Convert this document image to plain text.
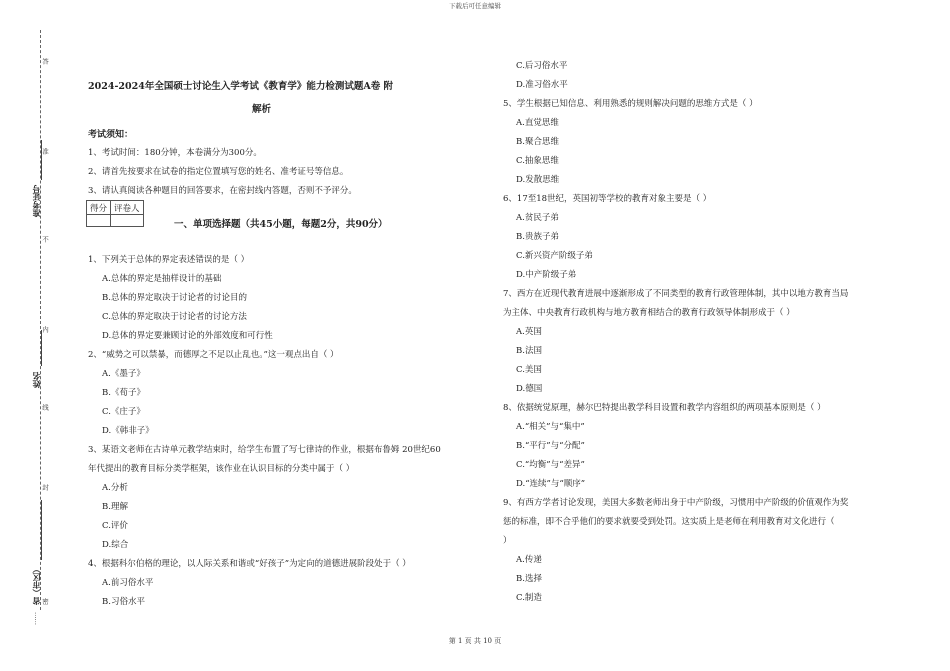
下载后可任意编辑
答
准
不
内
线
封
密
准考证号
姓名
省（市区）
……
2024-2024年全国硕士讨论生入学考试《教育学》能力检测试题A卷 附
解析
考试须知：
1、考试时间：180分钟，本卷满分为300分。
2、请首先按要求在试卷的指定位置填写您的姓名、准考证号等信息。
3、请认真阅读各种题目的回答要求，在密封线内答题，否则不予评分。
得分	评卷人

一、单项选择题（共45小题，每题2分，共90分）
1、下列关于总体的界定表述错误的是（ ）
A.总体的界定是抽样设计的基础
B.总体的界定取决于讨论者的讨论目的
C.总体的界定取决于讨论者的讨论方法
D.总体的界定要兼顾讨论的外部效度和可行性
2、“威势之可以禁暴，而德厚之不足以止乱也。”这一观点出自（ ）
A.《墨子》
B.《荀子》
C.《庄子》
D.《韩非子》
3、某语文老师在古诗单元教学结束时，给学生布置了写七律诗的作业，根据布鲁姆 20世纪60
年代提出的教育目标分类学框架，该作业在认识目标的分类中属于（ ）
A.分析
B.理解
C.评价
D.综合
4、根据科尔伯格的理论，以人际关系和谐或“好孩子”为定向的道德进展阶段处于（ ）
A.前习俗水平
B.习俗水平
C.后习俗水平
D.准习俗水平
5、学生根据已知信息、利用熟悉的规则解决问题的思维方式是（ ）
A.直觉思维
B.聚合思维
C.抽象思维
D.发散思维
6、17至18世纪，英国初等学校的教育对象主要是（ ）
A.贫民子弟
B.贵族子弟
C.新兴资产阶级子弟
D.中产阶级子弟
7、西方在近现代教育进展中逐渐形成了不同类型的教育行政管理体制，其中以地方教育当局
为主体、中央教育行政机构与地方教育相结合的教育行政领导体制形成于（ ）
A.英国
B.法国
C.美国
D.德国
8、依据统觉原理，赫尔巴特提出教学科目设置和教学内容组织的两项基本原则是（ ）
A.“相关”与“集中”
B.“平行”与“分配”
C.“均衡”与“差异”
D.“连续”与“顺序”
9、有西方学者讨论发现，美国大多数老师出身于中产阶级，习惯用中产阶级的价值观作为奖
惩的标准，即不合乎他们的要求就要受到处罚。这实质上是老师在利用教育对文化进行（
）
A.传递
B.选择
C.制造
第 1 页 共 10 页
